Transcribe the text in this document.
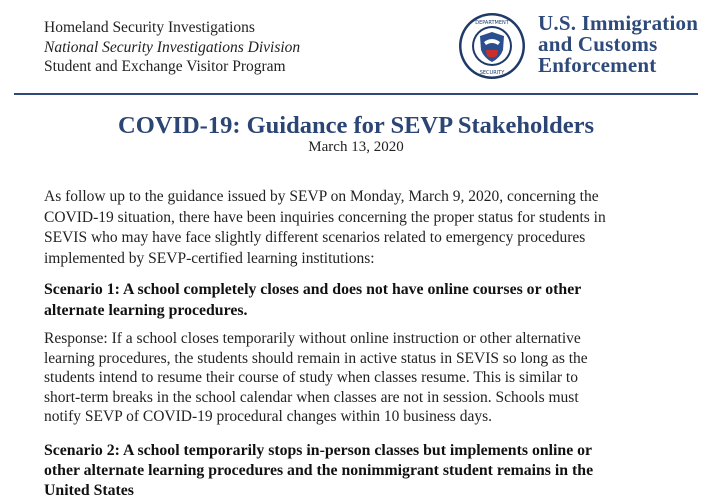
Homeland Security Investigations
National Security Investigations Division
Student and Exchange Visitor Program
DEPARTMENT
SECURITY
U.S. Immigration
and Customs
Enforcement
COVID-19: Guidance for SEVP Stakeholders
March 13, 2020
As follow up to the guidance issued by SEVP on Monday, March 9, 2020, concerning the
COVID-19 situation, there have been inquiries concerning the proper status for students in
SEVIS who may have face slightly different scenarios related to emergency procedures
implemented by SEVP-certified learning institutions:
Scenario 1: A school completely closes and does not have online courses or other
alternate learning procedures.
Response: If a school closes temporarily without online instruction or other alternative
learning procedures, the students should remain in active status in SEVIS so long as the
students intend to resume their course of study when classes resume. This is similar to
short-term breaks in the school calendar when classes are not in session. Schools must
notify SEVP of COVID-19 procedural changes within 10 business days.
Scenario 2: A school temporarily stops in-person classes but implements online or
other alternate learning procedures and the nonimmigrant student remains in the
United States
